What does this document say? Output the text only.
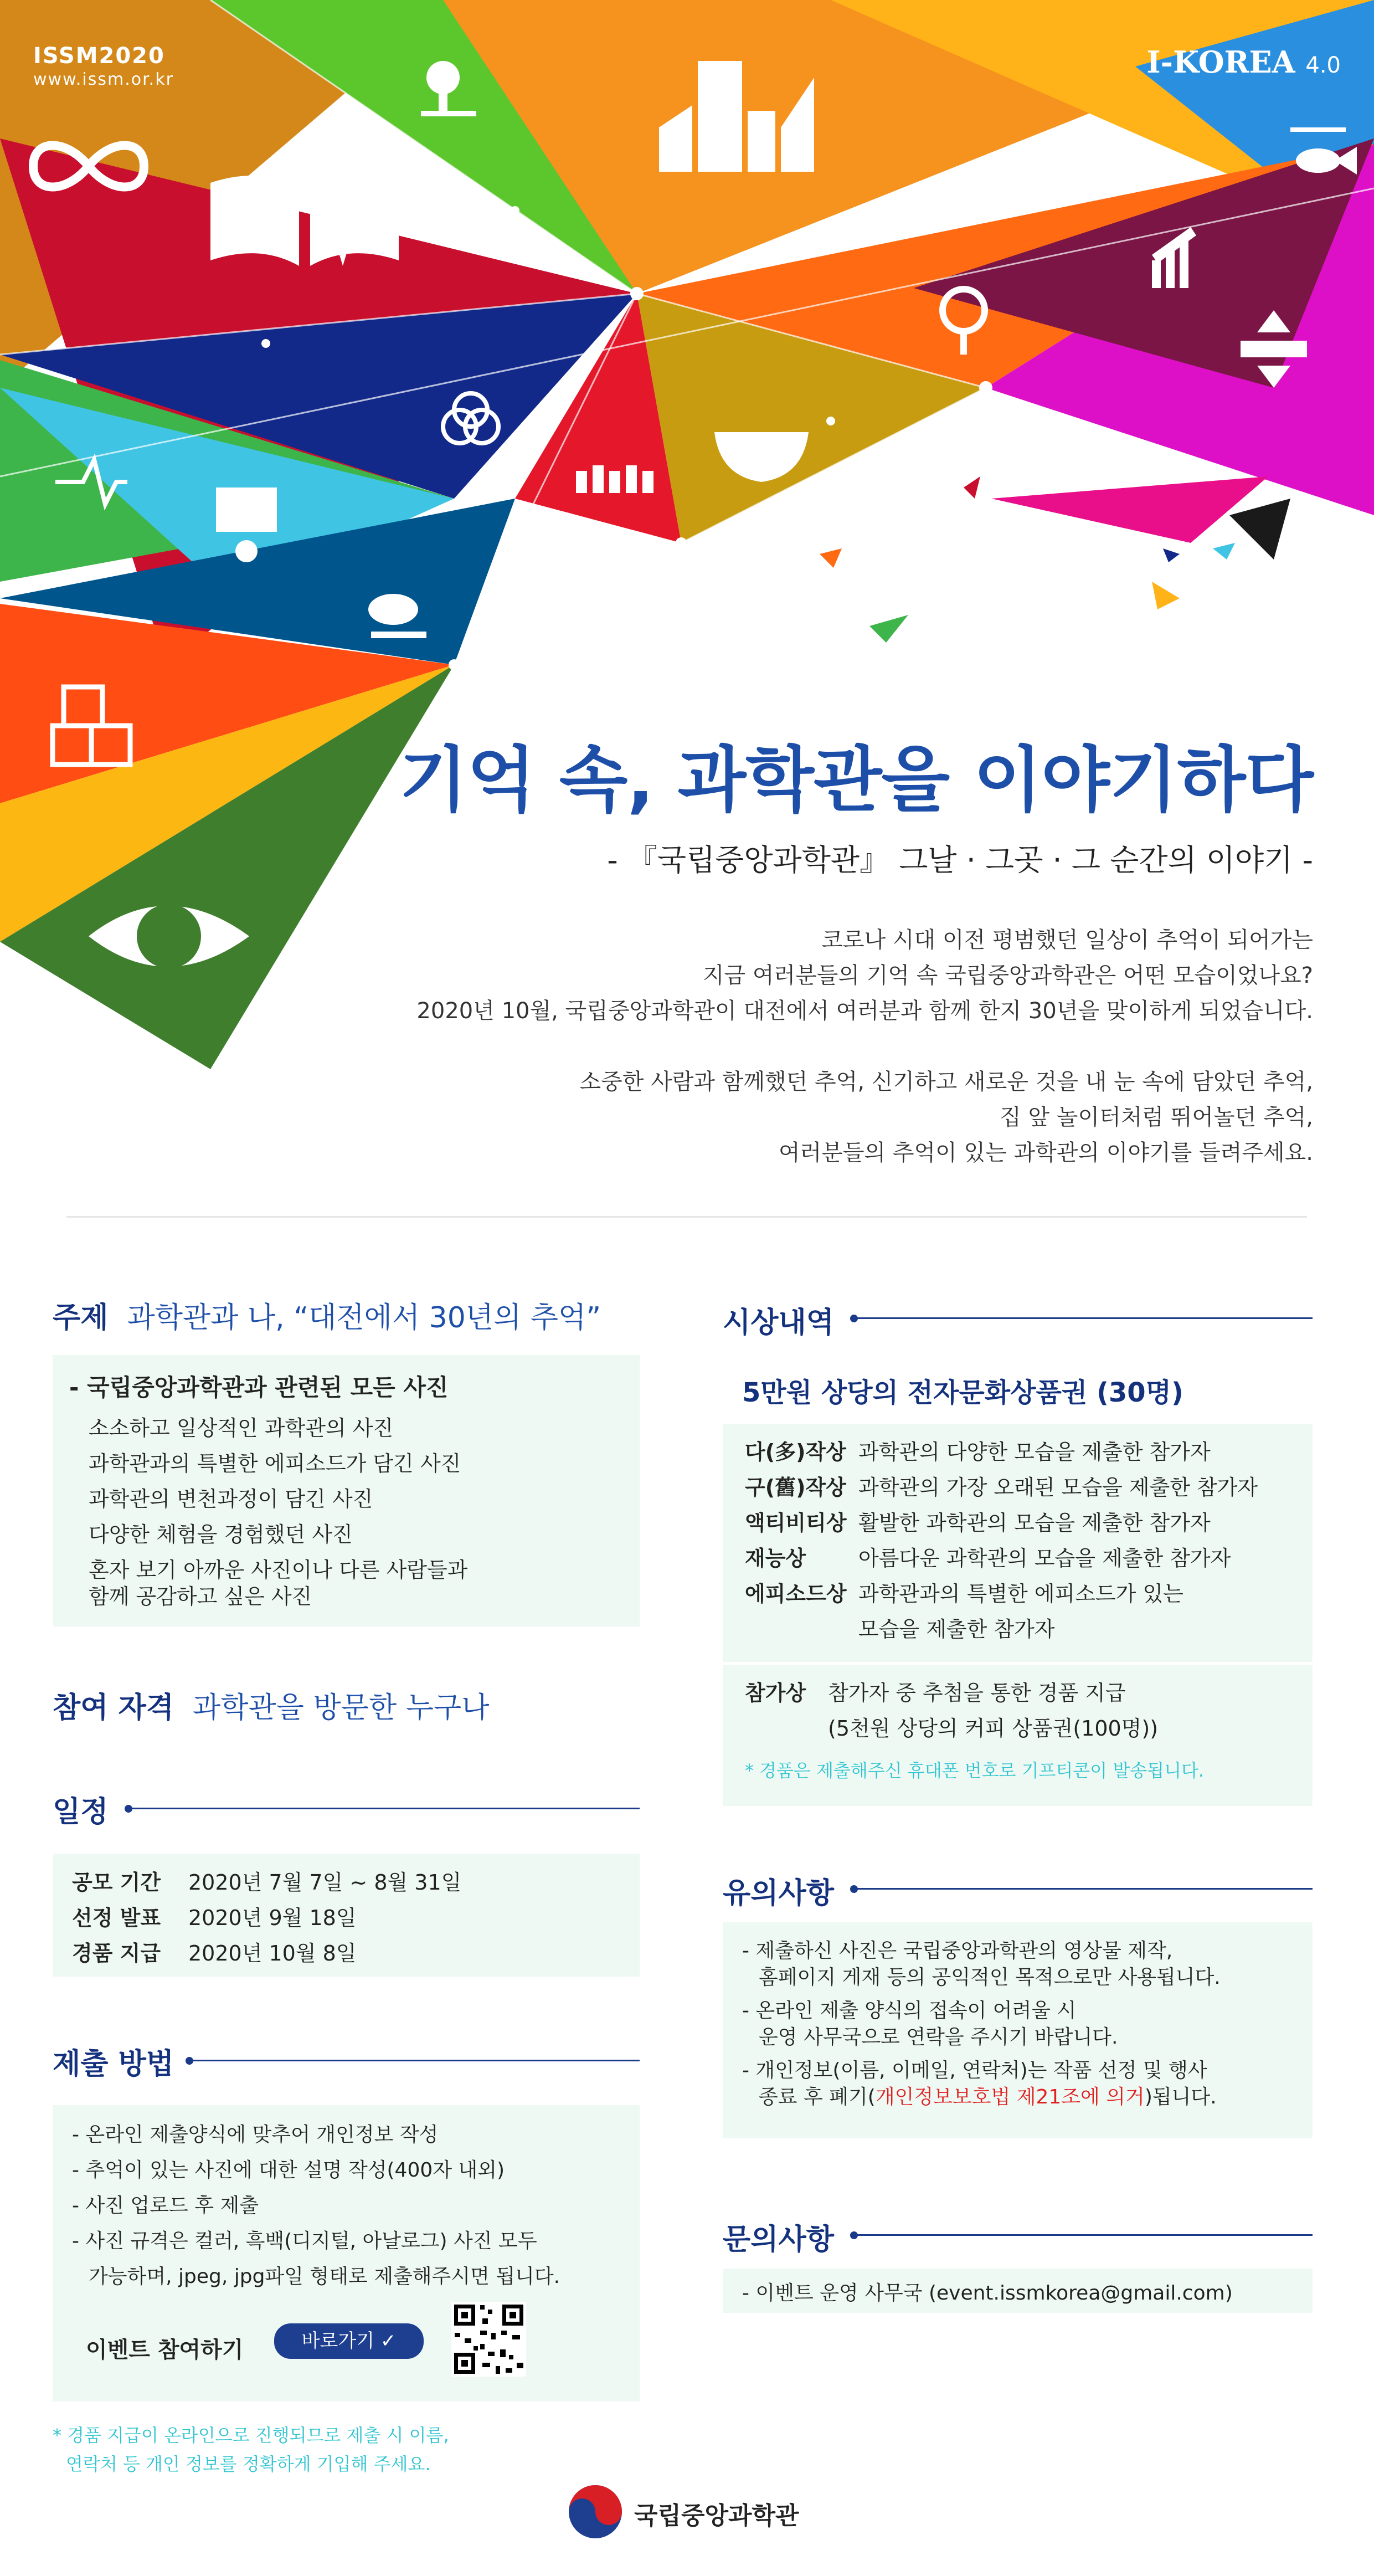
ISSM2020
www.issm.or.kr	I-KOREA 4.0
기억 속, 과학관을 이야기하다
- 『국립중앙과학관』 그날 · 그곳 · 그 순간의 이야기 -

코로나 시대 이전 평범했던 일상이 추억이 되어가는

지금 여러분들의 기억 속 국립중앙과학관은 어떤 모습이었나요?

2020년 10월, 국립중앙과학관이 대전에서 여러분과 함께 한지 30년을 맞이하게 되었습니다.

소중한 사람과 함께했던 추억, 신기하고 새로운 것을 내 눈 속에 담았던 추억,

집 앞 놀이터처럼 뛰어놀던 추억,

여러분들의 추억이 있는 과학관의 이야기를 들려주세요.

주제 과학관과 나, “대전에서 30년의 추억”
- 국립중앙과학관과 관련된 모든 사진
소소하고 일상적인 과학관의 사진
과학관과의 특별한 에피소드가 담긴 사진
과학관의 변천과정이 담긴 사진
다양한 체험을 경험했던 사진
혼자 보기 아까운 사진이나 다른 사람들과
함께 공감하고 싶은 사진
참여 자격 과학관을 방문한 누구나
일정
공모 기간 2020년 7월 7일 ~ 8월 31일
선정 발표 2020년 9월 18일
경품 지급 2020년 10월 8일
제출 방법
- 온라인 제출양식에 맞추어 개인정보 작성
- 추억이 있는 사진에 대한 설명 작성(400자 내외)
- 사진 업로드 후 제출
- 사진 규격은 컬러, 흑백(디지털, 아날로그) 사진 모두
가능하며, jpeg, jpg파일 형태로 제출해주시면 됩니다.
이벤트 참여하기	바로가기 ✓
* 경품 지급이 온라인으로 진행되므로 제출 시 이름,
연락처 등 개인 정보를 정확하게 기입해 주세요.
시상내역
5만원 상당의 전자문화상품권 (30명)
다(多)작상 과학관의 다양한 모습을 제출한 참가자
구(舊)작상 과학관의 가장 오래된 모습을 제출한 참가자
액티비티상 활발한 과학관의 모습을 제출한 참가자
재능상 아름다운 과학관의 모습을 제출한 참가자
에피소드상 과학관과의 특별한 에피소드가 있는
모습을 제출한 참가자
참가상 참가자 중 추첨을 통한 경품 지급
(5천원 상당의 커피 상품권(100명))
* 경품은 제출해주신 휴대폰 번호로 기프티콘이 발송됩니다.
유의사항
- 제출하신 사진은 국립중앙과학관의 영상물 제작,
홈페이지 게재 등의 공익적인 목적으로만 사용됩니다.
- 온라인 제출 양식의 접속이 어려울 시
운영 사무국으로 연락을 주시기 바랍니다.
- 개인정보(이름, 이메일, 연락처)는 작품 선정 및 행사
종료 후 폐기(개인정보보호법 제21조에 의거)됩니다.
문의사항
- 이벤트 운영 사무국 (event.issmkorea@gmail.com)
국립중앙과학관
